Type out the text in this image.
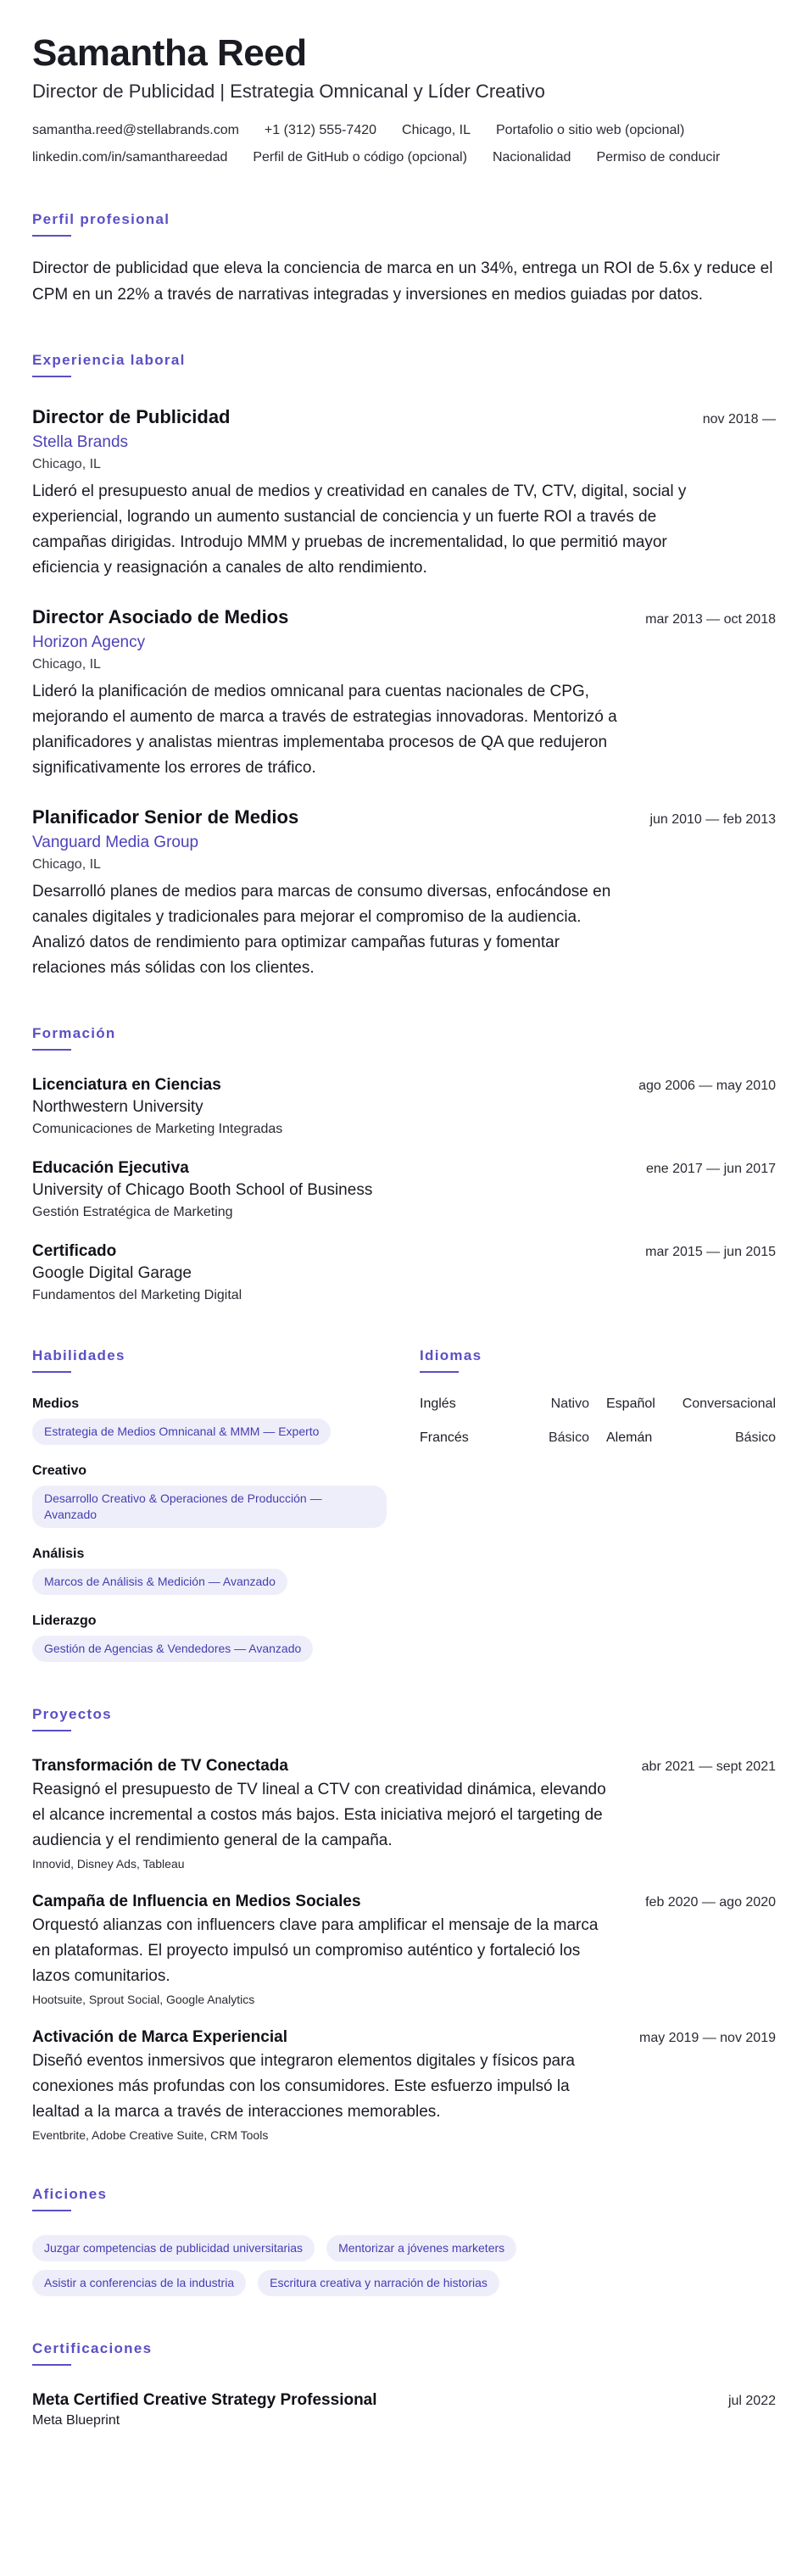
Samantha Reed
Director de Publicidad | Estrategia Omnicanal y Líder Creativo
samantha.reed@stellabrands.com +1 (312) 555-7420 Chicago, IL Portafolio o sitio web (opcional)
linkedin.com/in/samanthareedad Perfil de GitHub o código (opcional) Nacionalidad Permiso de conducir
Perfil profesional

Director de publicidad que eleva la conciencia de marca en un 34%, entrega un ROI de 5.6x y reduce el CPM en un 22% a través de narrativas integradas y inversiones en medios guiadas por datos.

Experiencia laboral
Director de Publicidad	nov 2018 —
Stella Brands
Chicago, IL
Lideró el presupuesto anual de medios y creatividad en canales de TV, CTV, digital, social y experiencial, logrando un aumento sustancial de conciencia y un fuerte ROI a través de campañas dirigidas. Introdujo MMM y pruebas de incrementalidad, lo que permitió mayor eficiencia y reasignación a canales de alto rendimiento.
Director Asociado de Medios	mar 2013 — oct 2018
Horizon Agency
Chicago, IL
Lideró la planificación de medios omnicanal para cuentas nacionales de CPG, mejorando el aumento de marca a través de estrategias innovadoras. Mentorizó a planificadores y analistas mientras implementaba procesos de QA que redujeron significativamente los errores de tráfico.
Planificador Senior de Medios	jun 2010 — feb 2013
Vanguard Media Group
Chicago, IL
Desarrolló planes de medios para marcas de consumo diversas, enfocándose en canales digitales y tradicionales para mejorar el compromiso de la audiencia. Analizó datos de rendimiento para optimizar campañas futuras y fomentar relaciones más sólidas con los clientes.
Formación
Licenciatura en Ciencias	ago 2006 — may 2010
Northwestern University
Comunicaciones de Marketing Integradas
Educación Ejecutiva	ene 2017 — jun 2017
University of Chicago Booth School of Business
Gestión Estratégica de Marketing
Certificado	mar 2015 — jun 2015
Google Digital Garage
Fundamentos del Marketing Digital
Habilidades
Medios
Estrategia de Medios Omnicanal & MMM — Experto
Creativo
Desarrollo Creativo & Operaciones de Producción — Avanzado
Análisis
Marcos de Análisis & Medición — Avanzado
Liderazgo
Gestión de Agencias & Vendedores — Avanzado
Idiomas
Inglés	Nativo Español Conversacional
Francés	Básico Alemán	Básico
Proyectos
Transformación de TV Conectada	abr 2021 — sept 2021
Reasignó el presupuesto de TV lineal a CTV con creatividad dinámica, elevando el alcance incremental a costos más bajos. Esta iniciativa mejoró el targeting de audiencia y el rendimiento general de la campaña.
Innovid, Disney Ads, Tableau
Campaña de Influencia en Medios Sociales	feb 2020 — ago 2020
Orquestó alianzas con influencers clave para amplificar el mensaje de la marca en plataformas. El proyecto impulsó un compromiso auténtico y fortaleció los lazos comunitarios.
Hootsuite, Sprout Social, Google Analytics
Activación de Marca Experiencial	may 2019 — nov 2019
Diseñó eventos inmersivos que integraron elementos digitales y físicos para conexiones más profundas con los consumidores. Este esfuerzo impulsó la lealtad a la marca a través de interacciones memorables.
Eventbrite, Adobe Creative Suite, CRM Tools
Aficiones
Juzgar competencias de publicidad universitarias	Mentorizar a jóvenes marketers
Asistir a conferencias de la industria	Escritura creativa y narración de historias
Certificaciones
Meta Certified Creative Strategy Professional	jul 2022
Meta Blueprint
